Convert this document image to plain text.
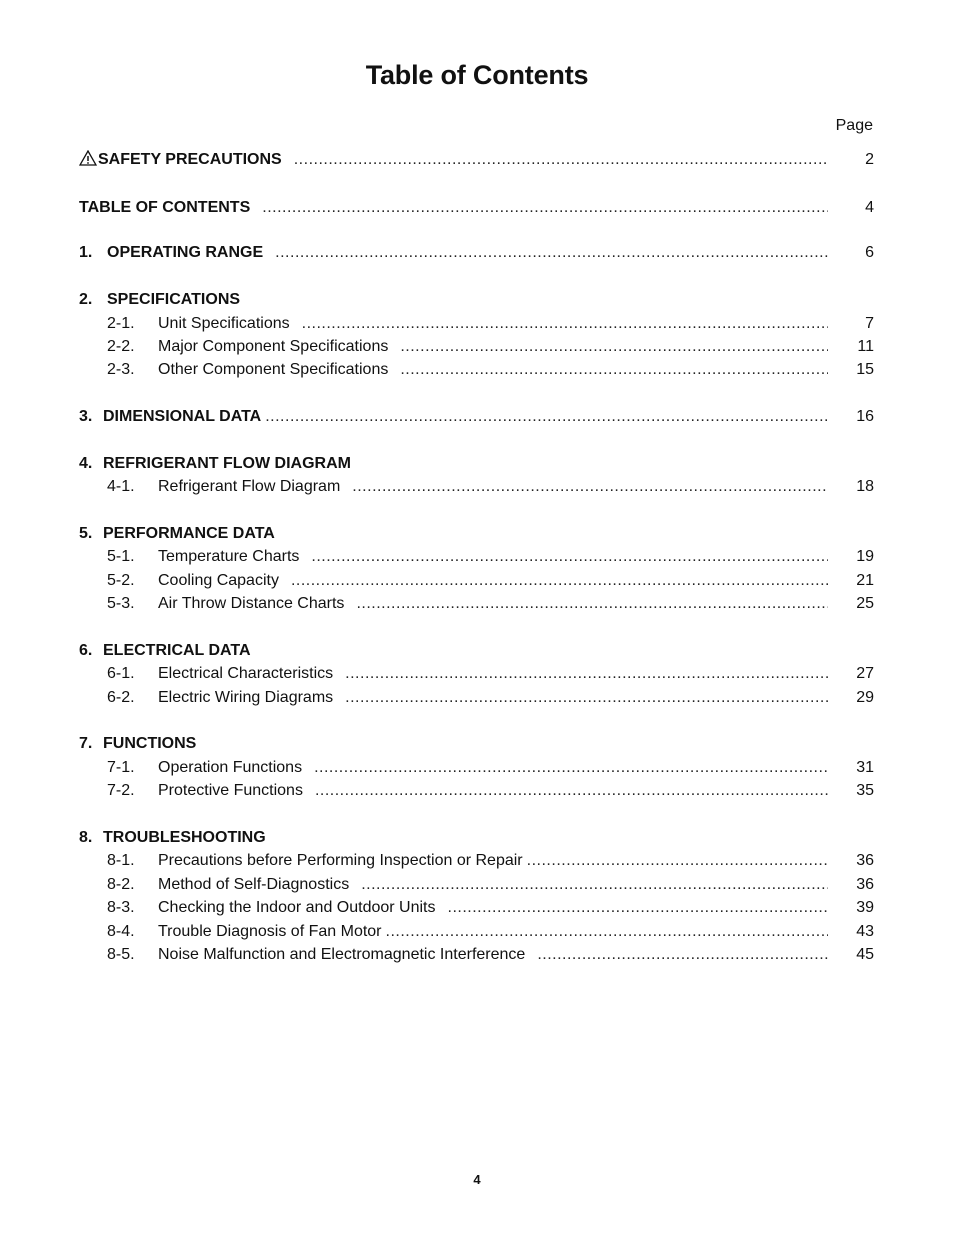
Table of Contents
Page
SAFETY PRECAUTIONS .....	2
TABLE OF CONTENTS .....	4
1. OPERATING RANGE .....	6
2. SPECIFICATIONS
2-1.	Unit Specifications .....	7
2-2.	Major Component Specifications .....	11
2-3.	Other Component Specifications .....	15
3. DIMENSIONAL DATA .....	16
4. REFRIGERANT FLOW DIAGRAM
4-1.	Refrigerant Flow Diagram .....	18
5. PERFORMANCE DATA
5-1.	Temperature Charts .....	19
5-2.	Cooling Capacity .....	21
5-3.	Air Throw Distance Charts .....	25
6. ELECTRICAL DATA
6-1.	Electrical Characteristics .....	27
6-2.	Electric Wiring Diagrams .....	29
7. FUNCTIONS
7-1.	Operation Functions .....	31
7-2.	Protective Functions .....	35
8. TROUBLESHOOTING
8-1.	Precautions before Performing Inspection or Repair .....	36
8-2.	Method of Self-Diagnostics .....	36
8-3.	Checking the Indoor and Outdoor Units .....	39
8-4.	Trouble Diagnosis of Fan Motor .....	43
8-5.	Noise Malfunction and Electromagnetic Interference .....	45
4
